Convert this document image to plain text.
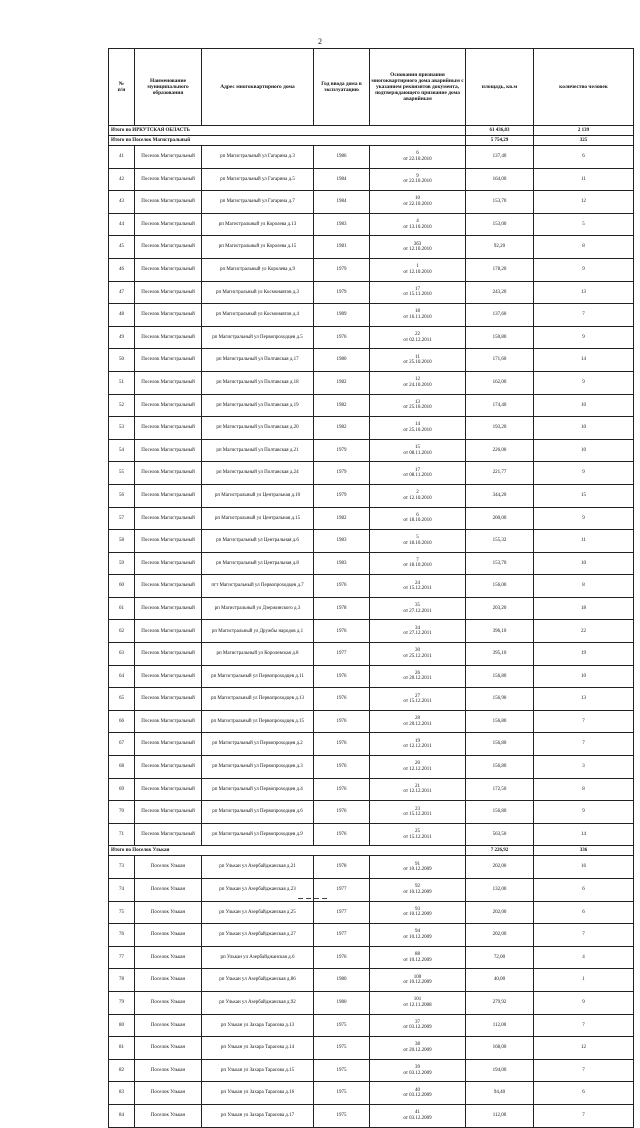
2
№
п/н	Наименование
муниципального
образования	Адрес многоквартирного дома	Год ввода дома в эксплуатацию	Основания признания многоквартирного дома аварийным с указанием реквизитов документа, подтверждающего признание дома аварийным	площадь, кв.м	количество человек
Итого по ИРКУТСКАЯ ОБЛАСТЬ					61 436,83	2 139
Итого по Поселок Магистральный					5 754,29	325
41	Поселок Магистральный	рп Магистральный ул Гагарина д.3	1986	6
от 22.10.2010	137,40	6
42	Поселок Магистральный	рп Магистральный ул Гагарина д.5	1984	9
от 22.10.2010	164,00	11
43	Поселок Магистральный	рп Магистральный ул Гагарина д.7	1984	10
от 22.10.2010	153,70	12
44	Поселок Магистральный	рп Магистральный ул Королева д.13	1983	4
от 13.10.2010	153,00	5
45	Поселок Магистральный	рп Магистральный ул Королева д.15	1981	3б3
от 12.10.2010	92,20	8
46	Поселок Магистральный	рп Магистральный ул Королева д.9	1979	1
от 12.10.2010	178,20	9
47	Поселок Магистральный	рп Магистральный ул Космонавтов д.3	1979	17
от 15.11.2010	243,20	13
48	Поселок Магистральный	рп Магистральный ул Космонавтов д.4	1989	18
от 16.11.2010	137,60	7
49	Поселок Магистральный	рп Магистральный ул Первопроходцев д.5	1976	22
от 02.12.2011	150,80	9
50	Поселок Магистральный	рп Магистральный ул Полтавская д.17	1980	11
от 25.10.2010	171,60	14
51	Поселок Магистральный	рп Магистральный ул Полтавская д.18	1982	12
от 24.10.2010	162,00	9
52	Поселок Магистральный	рп Магистральный ул Полтавская д.19	1982	13
от 25.10.2010	174,40	10
53	Поселок Магистральный	рп Магистральный ул Полтавская д.20	1982	14
от 25.10.2010	193,20	10
54	Поселок Магистральный	рп Магистральный ул Полтавская д.21	1979	15
от 08.11.2010	226,00	10
55	Поселок Магистральный	рп Магистральный ул Полтавская д.24	1979	17
от 08.11.2010	221,77	9
56	Поселок Магистральный	рп Магистральный ул Центральная д.10	1979	2
от 12.10.2010	344,20	15
57	Поселок Магистральный	рп Магистральный ул Центральная д.15	1982	6
от 18.10.2010	200,00	9
58	Поселок Магистральный	рп Магистральный ул Центральная д.6	1983	5
от 18.10.2010	155,32	11
59	Поселок Магистральный	рп Магистральный ул Центральная д.8	1983	7
от 18.10.2010	153,70	10
60	Поселок Магистральный	пгт Магистральный ул Первопроходцев д.7	1976	24
от 15.12.2011	156,00	8
61	Поселок Магистральный	рп Магистральный ул Дзержинского д.3	1978	35
от 27.12.2011	203,20	18
62	Поселок Магистральный	рп Магистральный ул Дружбы народов д.1	1976	34
от 27.12.2011	396,10	22
63	Поселок Магистральный	рп Магистральный ул Королевская д.8	1977	30
от 25.12.2011	395,10	19
64	Поселок Магистральный	рп Магистральный ул Первопроходцев д.11	1976	26
от 20.12.2011	156,80	10
65	Поселок Магистральный	рп Магистральный ул Первопроходцев д.13	1976	27
от 15.12.2011	156,90	13
66	Поселок Магистральный	рп Магистральный ул Первопроходцев д.15	1976	28
от 20.12.2011	156,80	7
67	Поселок Магистральный	рп Магистральный ул Первопроходцев д.2	1976	19
от 12.12.2011	156,80	7
68	Поселок Магистральный	рп Магистральный ул Первопроходцев д.3	1976	20
от 12.12.2011	156,80	3
69	Поселок Магистральный	рп Магистральный ул Первопроходцев д.4	1976	21
от 12.12.2011	172,50	8
70	Поселок Магистральный	рп Магистральный ул Первопроходцев д.6	1976	23
от 15.12.2011	156,80	9
71	Поселок Магистральный	рп Магистральный ул Первопроходцев д.9	1976	25
от 15.12.2011	563,50	14
Итого по Поселок Улькан					7 226,92	336
73	Поселок Улькан	рп Улькан ул Азербайджанская д.21	1978	91
от 10.12.2009	202,00	16
74	Поселок Улькан	рп Улькан ул Азербайджанская д.23	1977	92
от 10.12.2009	132,00	6
75	Поселок Улькан	рп Улькан ул Азербайджанская д.25	1977	93
от 10.12.2009	202,00	6
76	Поселок Улькан	рп Улькан ул Азербайджанская д.27	1977	94
от 10.12.2009	202,00	7
77	Поселок Улькан	рп Улькан ул Азербайджанская д.6	1976	88
от 10.12.2009	72,00	4
78	Поселок Улькан	рп Улькан ул Азербайджанская д.86	1980	100
от 10.12.2009	40,00	1
79	Поселок Улькан	рп Улькан ул Азербайджанская д.92	1980	101
от 12.11.2008	279,92	9
80	Поселок Улькан	рп Улькан ул Захара Тарасова д.13	1975	37
от 03.12.2009	112,00	7
81	Поселок Улькан	рп Улькан ул Захара Тарасова д.14	1975	38
от 20.12.2009	168,00	12
82	Поселок Улькан	рп Улькан ул Захара Тарасова д.15	1975	39
от 03.12.2009	194,00	7
83	Поселок Улькан	рп Улькан ул Захара Тарасова д.16	1975	40
от 03.12.2009	94,40	6
84	Поселок Улькан	рп Улькан ул Захара Тарасова д.17	1975	41
от 03.12.2009	112,00	7
